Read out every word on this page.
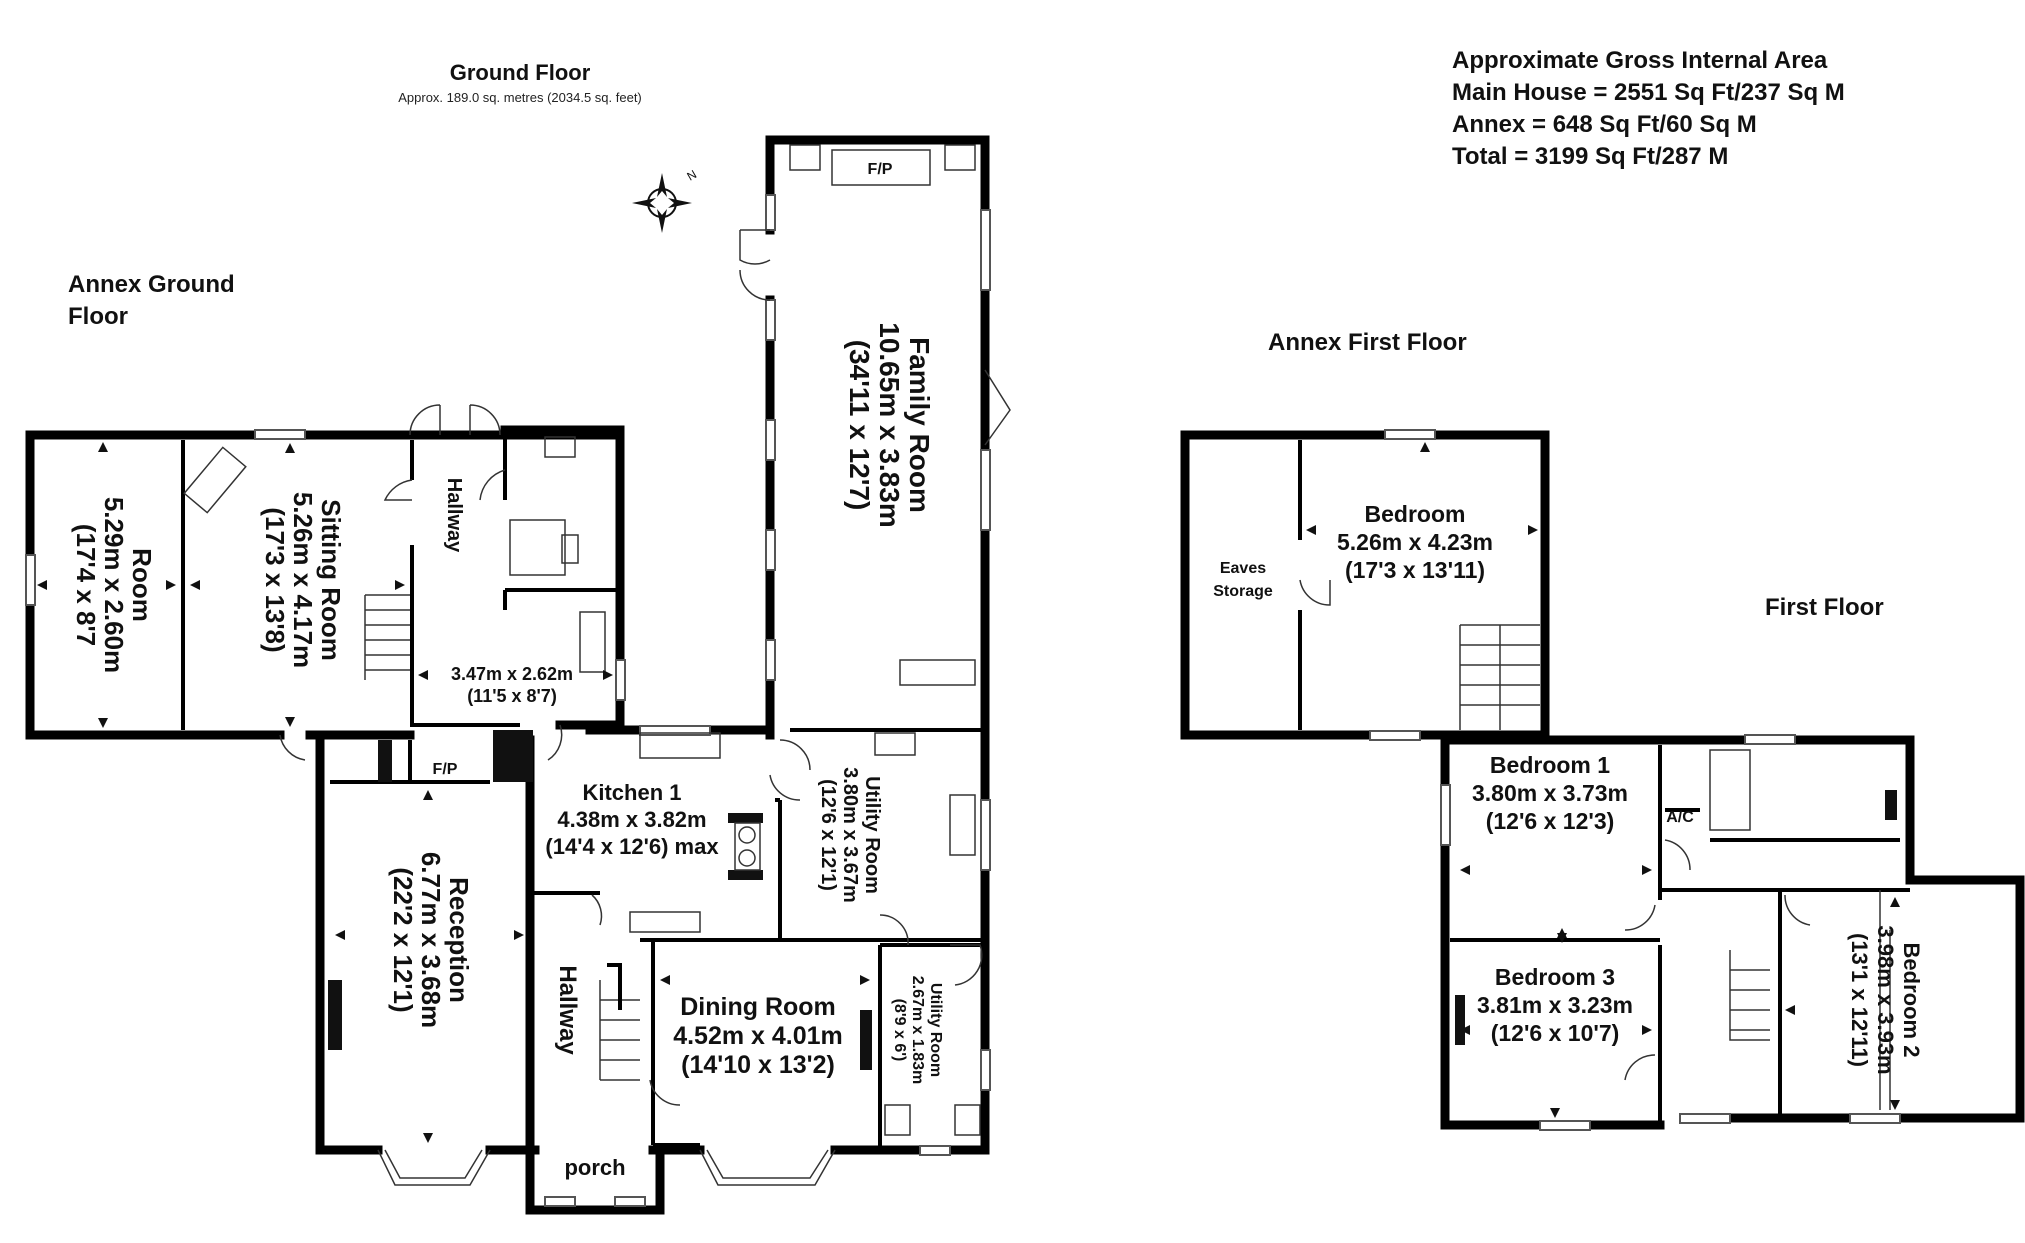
Ground Floor
Approx. 189.0 sq. metres (2034.5 sq. feet)
Annex Ground
Floor
Annex First Floor
First Floor
Approximate Gross Internal Area
Main House = 2551 Sq Ft/237 Sq M
Annex = 648 Sq Ft/60 Sq M
Total = 3199 Sq Ft/287 M
N
Family Room
10.65m x 3.83m
(34'11 x 12'7)
F/P
Room
5.29m x 2.60m
(17'4 x 8'7	Sitting Room
5.26m x 4.17m
(17'3 x 13'8)	Hallway
3.47m x 2.62m
(11'5 x 8'7)
F/P
Reception
6.77m x 3.68m
(22'2 x 12'1)
Kitchen 1
4.38m x 3.82m
(14'4 x 12'6) max	Utility Room
3.80m x 3.67m
(12'6 x 12'1)
Utility Room
2.67m x 1.83m
(8'9 x 6')
Hallway	Dining Room
4.52m x 4.01m
(14'10 x 13'2)
porch
Eaves
Storage
Bedroom
5.26m x 4.23m
(17'3 x 13'11)
Bedroom 1
3.80m x 3.73m
(12'6 x 12'3)	A/C
Bedroom 3
3.81m x 3.23m
(12'6 x 10'7)	Bedroom 2
3.98m x 3.93m
(13'1 x 12'11)
